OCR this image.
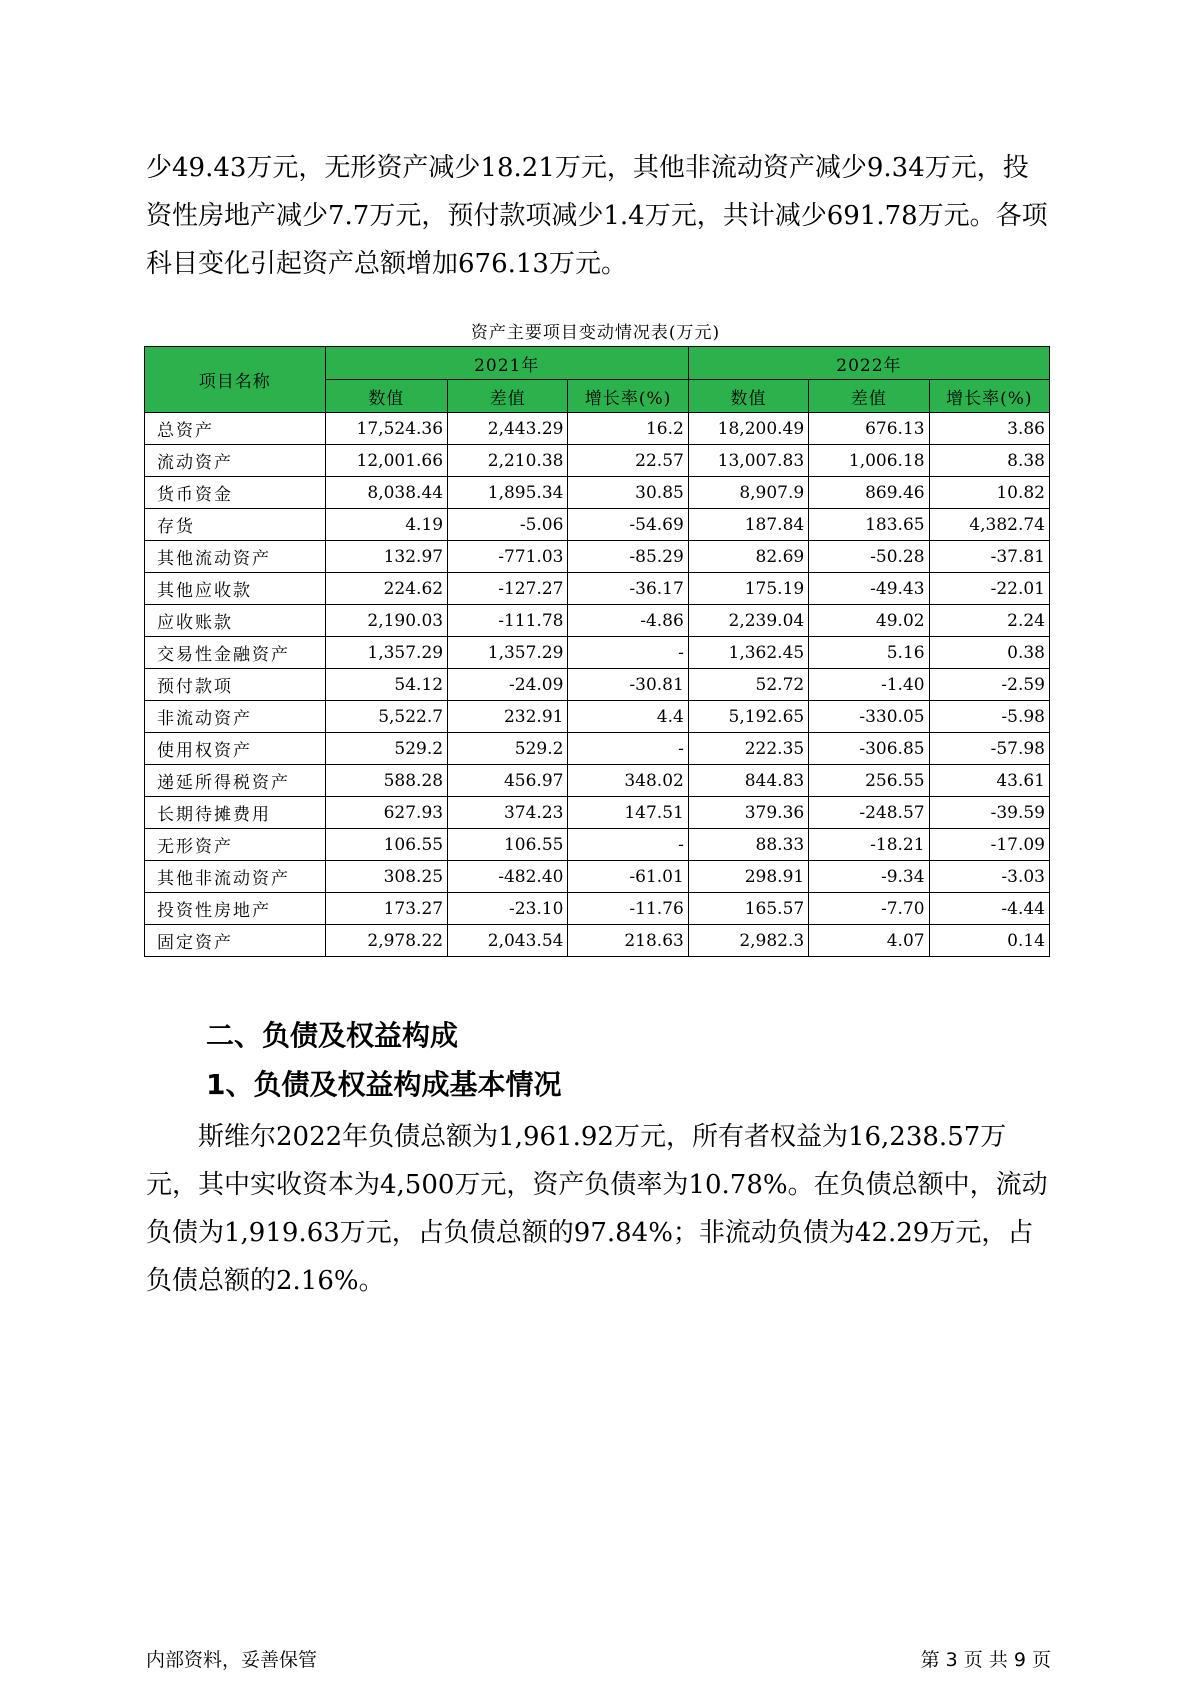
少49.43万元，无形资产减少18.21万元，其他非流动资产减少9.34万元，投资性房地产减少7.7万元，预付款项减少1.4万元，共计减少691.78万元。各项科目变化引起资产总额增加676.13万元。

资产主要项目变动情况表(万元)
项目名称	2021年			2022年		
	数值	差值	增长率(%)	数值	差值	增长率(%)
总资产	17,524.36	2,443.29	16.2	18,200.49	676.13	3.86
流动资产	12,001.66	2,210.38	22.57	13,007.83	1,006.18	8.38
货币资金	8,038.44	1,895.34	30.85	8,907.9	869.46	10.82
存货	4.19	-5.06	-54.69	187.84	183.65	4,382.74
其他流动资产	132.97	-771.03	-85.29	82.69	-50.28	-37.81
其他应收款	224.62	-127.27	-36.17	175.19	-49.43	-22.01
应收账款	2,190.03	-111.78	-4.86	2,239.04	49.02	2.24
交易性金融资产	1,357.29	1,357.29	-	1,362.45	5.16	0.38
预付款项	54.12	-24.09	-30.81	52.72	-1.40	-2.59
非流动资产	5,522.7	232.91	4.4	5,192.65	-330.05	-5.98
使用权资产	529.2	529.2	-	222.35	-306.85	-57.98
递延所得税资产	588.28	456.97	348.02	844.83	256.55	43.61
长期待摊费用	627.93	374.23	147.51	379.36	-248.57	-39.59
无形资产	106.55	106.55	-	88.33	-18.21	-17.09
其他非流动资产	308.25	-482.40	-61.01	298.91	-9.34	-3.03
投资性房地产	173.27	-23.10	-11.76	165.57	-7.70	-4.44
固定资产	2,978.22	2,043.54	218.63	2,982.3	4.07	0.14
二、负债及权益构成
1、负债及权益构成基本情况

斯维尔2022年负债总额为1,961.92万元，所有者权益为16,238.57万元，其中实收资本为4,500万元，资产负债率为10.78%。在负债总额中，流动负债为1,919.63万元，占负债总额的97.84%；非流动负债为42.29万元，占负债总额的2.16%。

内部资料，妥善保管	第 3 页 共 9 页
